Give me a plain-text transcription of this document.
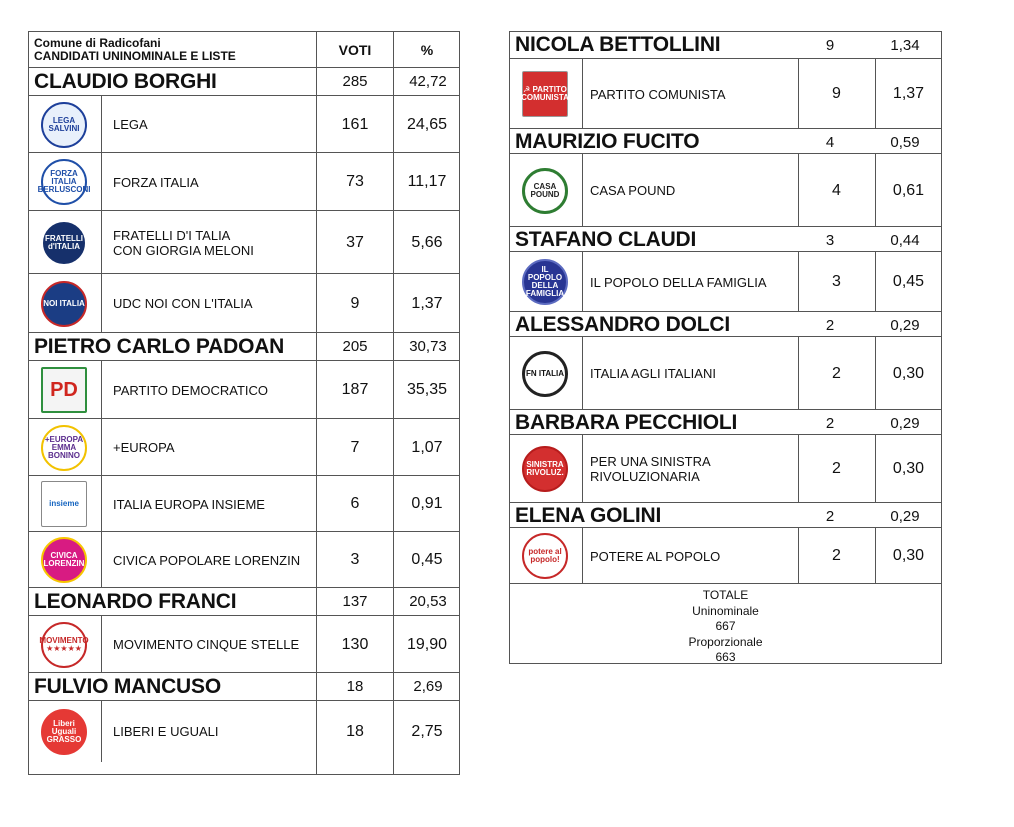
Comune di Radicofani
CANDIDATI UNINOMINALE E LISTE	VOTI	%
CLAUDIO BORGHI	285	42,72
LEGA SALVINI	LEGA	161	24,65
FORZA ITALIA BERLUSCONI FORZA ITALIA	73	11,17
FRATELLI d'ITALIA
FRATELLI D'I TALIA
CON GIORGIA MELONI	37	5,66
NOI ITALIA UDC NOI CON L'ITALIA	9	1,37
PIETRO CARLO PADOAN	205	30,73
PD	PARTITO DEMOCRATICO	187	35,35
+EUROPA EMMA BONINO
+EUROPA	7	1,07
insieme	ITALIA EUROPA INSIEME	6	0,91
CIVICA LORENZIN CIVICA POPOLARE LORENZIN	3	0,45
LEONARDO FRANCI	137	20,53
MOVIMENTO ★★★★★	MOVIMENTO CINQUE STELLE	130	19,90
FULVIO MANCUSO	18	2,69
Liberi Uguali GRASSO
LIBERI E UGUALI	18	2,75
NICOLA BETTOLLINI	9	1,34
☭ PARTITO COMUNISTA PARTITO COMUNISTA	9	1,37
MAURIZIO FUCITO	4	0,59
CASA POUND	CASA POUND	4	0,61
STAFANO CLAUDI	3	0,44
IL POPOLO DELLA FAMIGLIA
IL POPOLO DELLA FAMIGLIA	3	0,45
ALESSANDRO DOLCI	2	0,29
FN ITALIA	ITALIA AGLI ITALIANI	2	0,30
BARBARA PECCHIOLI	2	0,29
SINISTRA RIVOLUZ.
PER UNA SINISTRA
RIVOLUZIONARIA	2	0,30
ELENA GOLINI	2	0,29
potere al popolo!	POTERE AL POPOLO	2	0,30
TOTALE
Uninominale
667
Proporzionale
663
